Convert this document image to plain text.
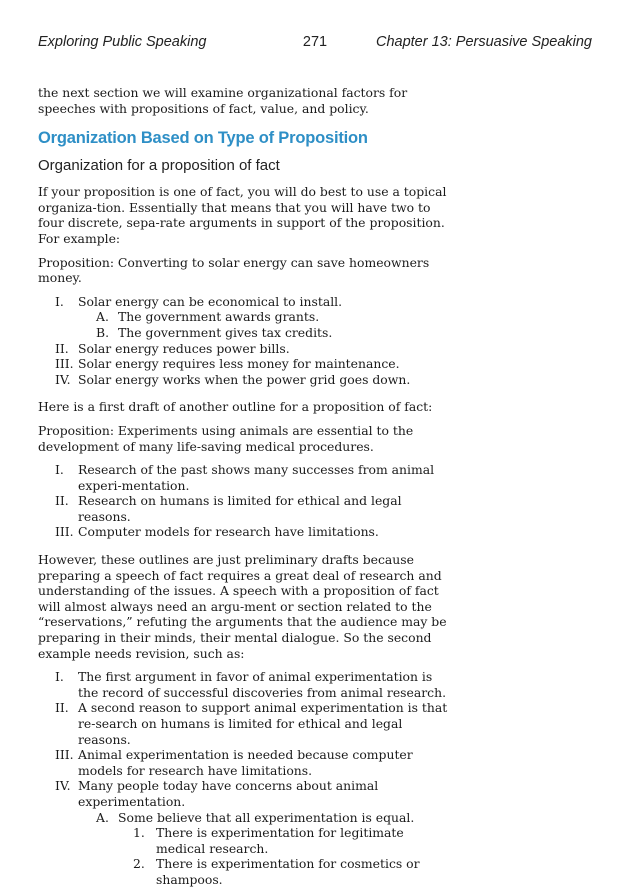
Exploring Public Speaking	271	Chapter 13: Persuasive Speaking

the next section we will examine organizational factors for speeches with propositions of fact, value, and policy.

Organization Based on Type of Proposition
Organization for a proposition of fact

If your proposition is one of fact, you will do best to use a topical organiza-tion. Essentially that means that you will have two to four discrete, sepa-rate arguments in support of the proposition. For example:

Proposition: Converting to solar energy can save homeowners money.

I.	Solar energy can be economical to install.
A. The government awards grants.
B. The government gives tax credits.
II. Solar energy reduces power bills.
III. Solar energy requires less money for maintenance.
IV. Solar energy works when the power grid goes down.

Here is a first draft of another outline for a proposition of fact:

Proposition: Experiments using animals are essential to the development of many life-saving medical procedures.

I.	Research of the past shows many successes from animal experi-mentation.
II. Research on humans is limited for ethical and legal reasons.
III. Computer models for research have limitations.

However, these outlines are just preliminary drafts because preparing a speech of fact requires a great deal of research and understanding of the issues. A speech with a proposition of fact will almost always need an argu-ment or section related to the “reservations,” refuting the arguments that the audience may be preparing in their minds, their mental dialogue. So the second example needs revision, such as:

I.	The first argument in favor of animal experimentation is the record of successful discoveries from animal research.
II. A second reason to support animal experimentation is that re-search on humans is limited for ethical and legal reasons.
III. Animal experimentation is needed because computer models for research have limitations.
IV. Many people today have concerns about animal experimentation.
A. Some believe that all experimentation is equal.
1. There is experimentation for legitimate medical research.
2. There is experimentation for cosmetics or shampoos.
